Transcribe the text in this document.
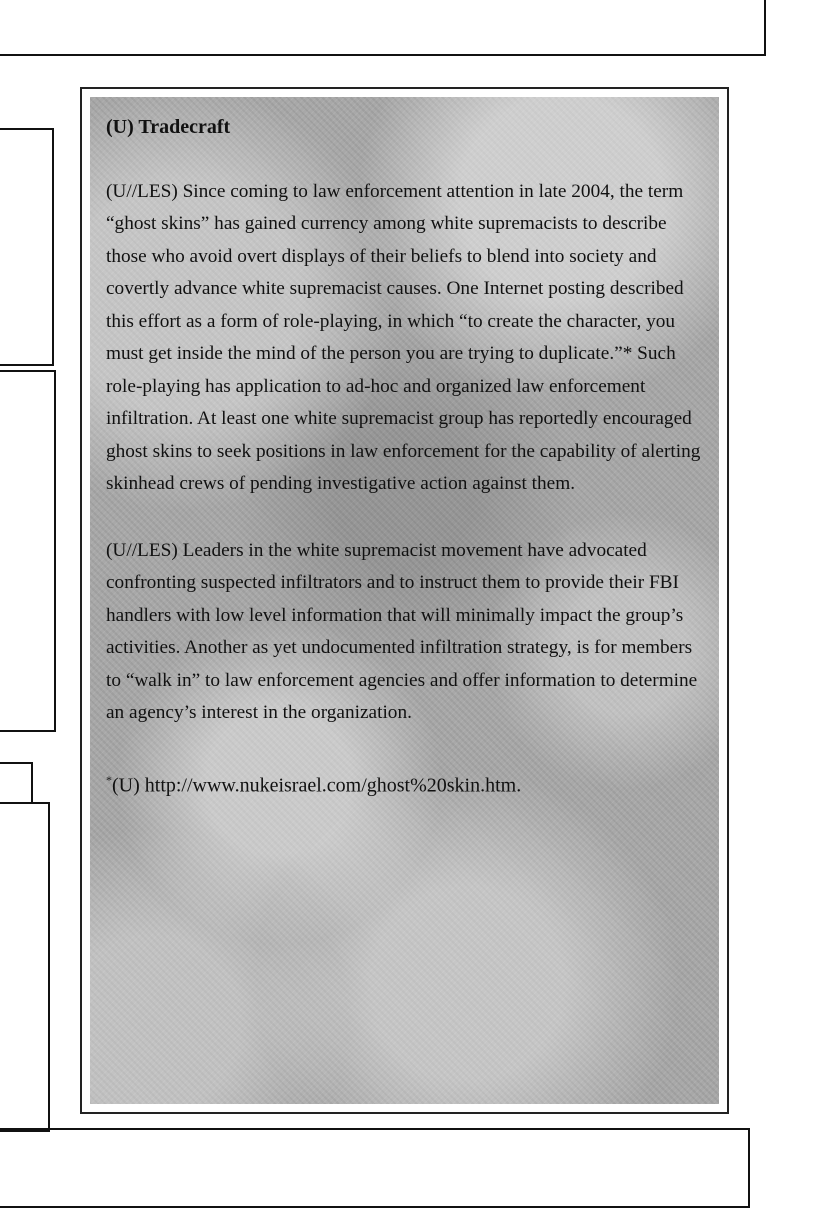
(U) Tradecraft

(U//LES) Since coming to law enforcement attention in late 2004, the term “ghost skins” has gained currency among white supremacists to describe those who avoid overt displays of their beliefs to blend into society and covertly advance white supremacist causes. One Internet posting described this effort as a form of role-playing, in which “to create the character, you must get inside the mind of the person you are trying to duplicate.”* Such role-playing has application to ad-hoc and organized law enforcement infiltration. At least one white supremacist group has reportedly encouraged ghost skins to seek positions in law enforcement for the capability of alerting skinhead crews of pending investigative action against them.

(U//LES) Leaders in the white supremacist movement have advocated confronting suspected infiltrators and to instruct them to provide their FBI handlers with low level information that will minimally impact the group’s activities. Another as yet undocumented infiltration strategy, is for members to “walk in” to law enforcement agencies and offer information to determine an agency’s interest in the organization.

*(U) http://www.nukeisrael.com/ghost%20skin.htm.
